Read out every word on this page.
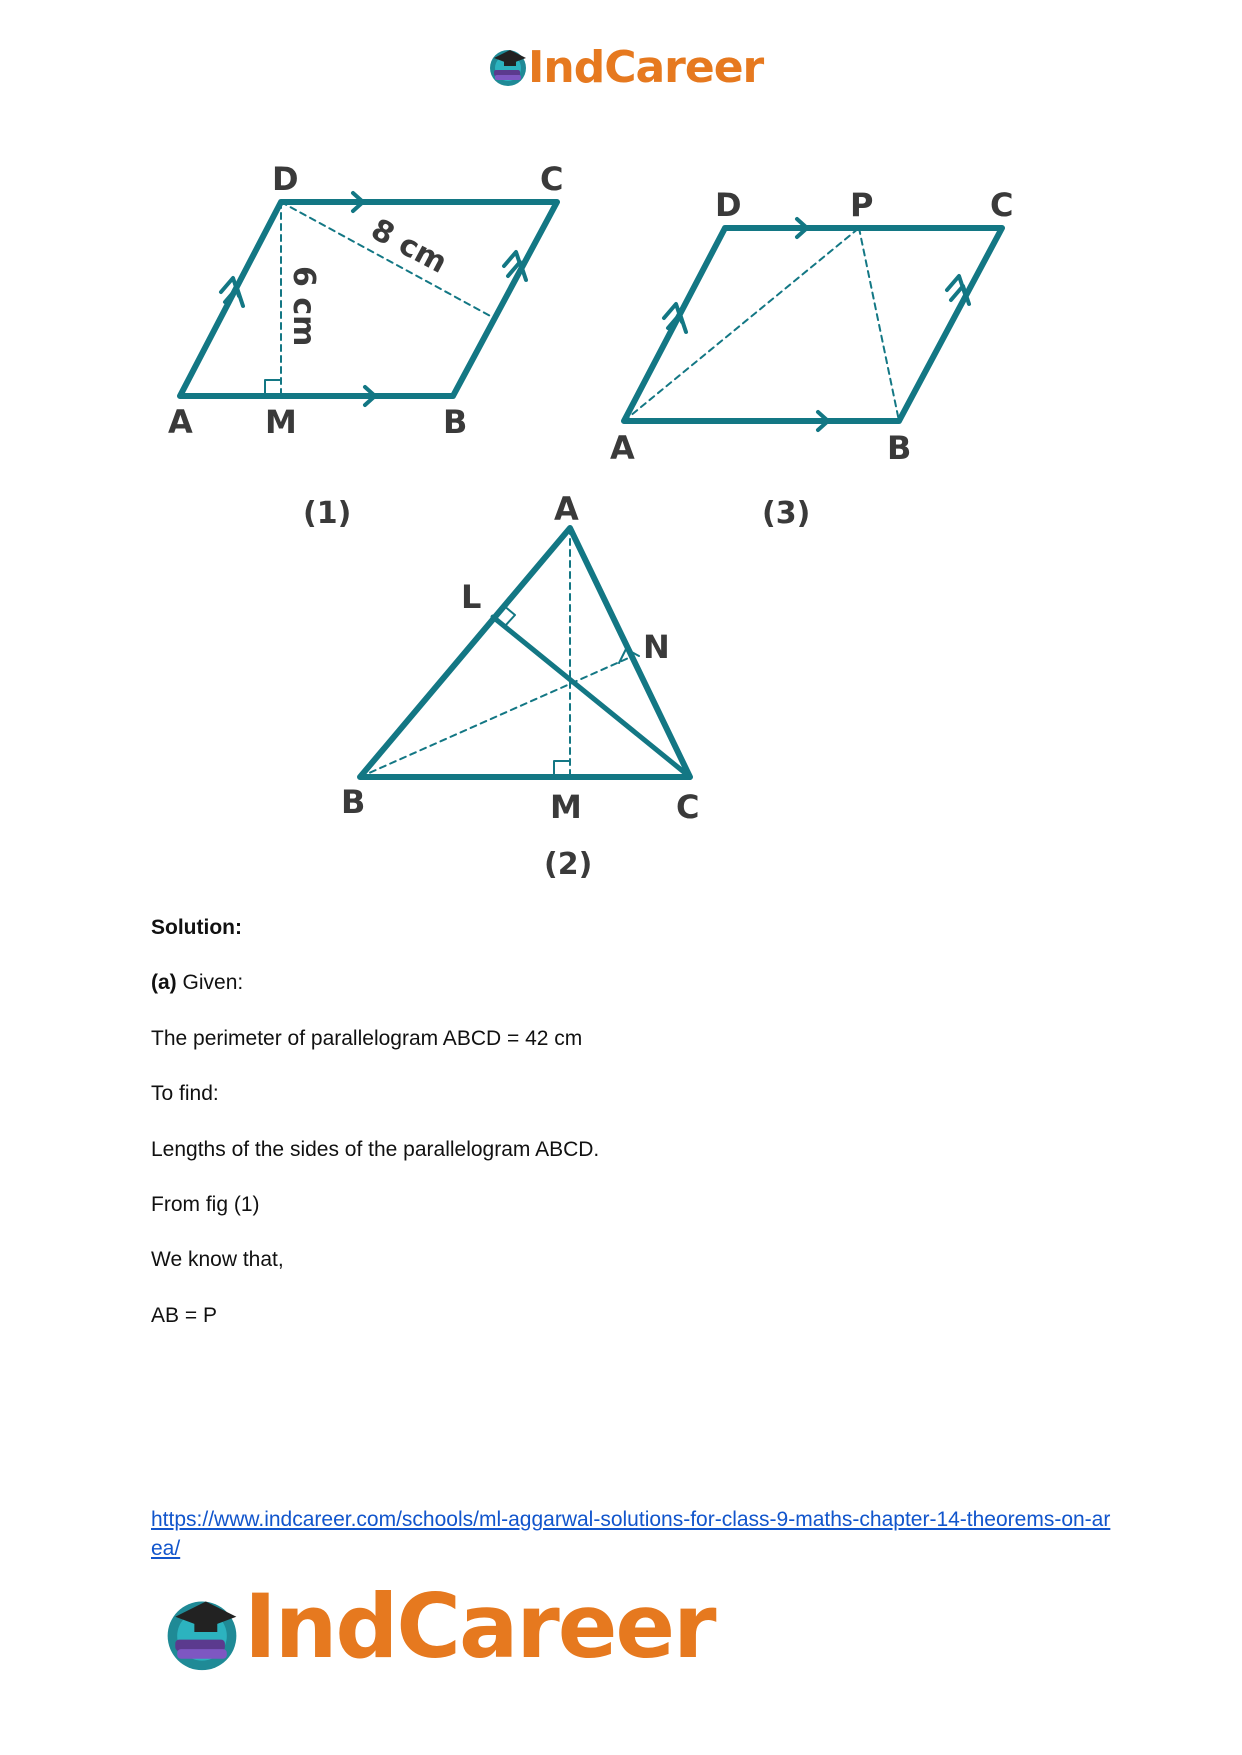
IndCareer
D	C
A M	B
8 cm
6 cm
(1)
D	P	C
A	B
(3)
A
L
N
B	M	C
(2)
Solution:
(a) Given:
The perimeter of parallelogram ABCD = 42 cm
To find:
Lengths of the sides of the parallelogram ABCD.
From fig (1)
We know that,
AB = P
https://www.indcareer.com/schools/ml-aggarwal-solutions-for-class-9-maths-chapter-14-theorems-on-area/
IndCareer
